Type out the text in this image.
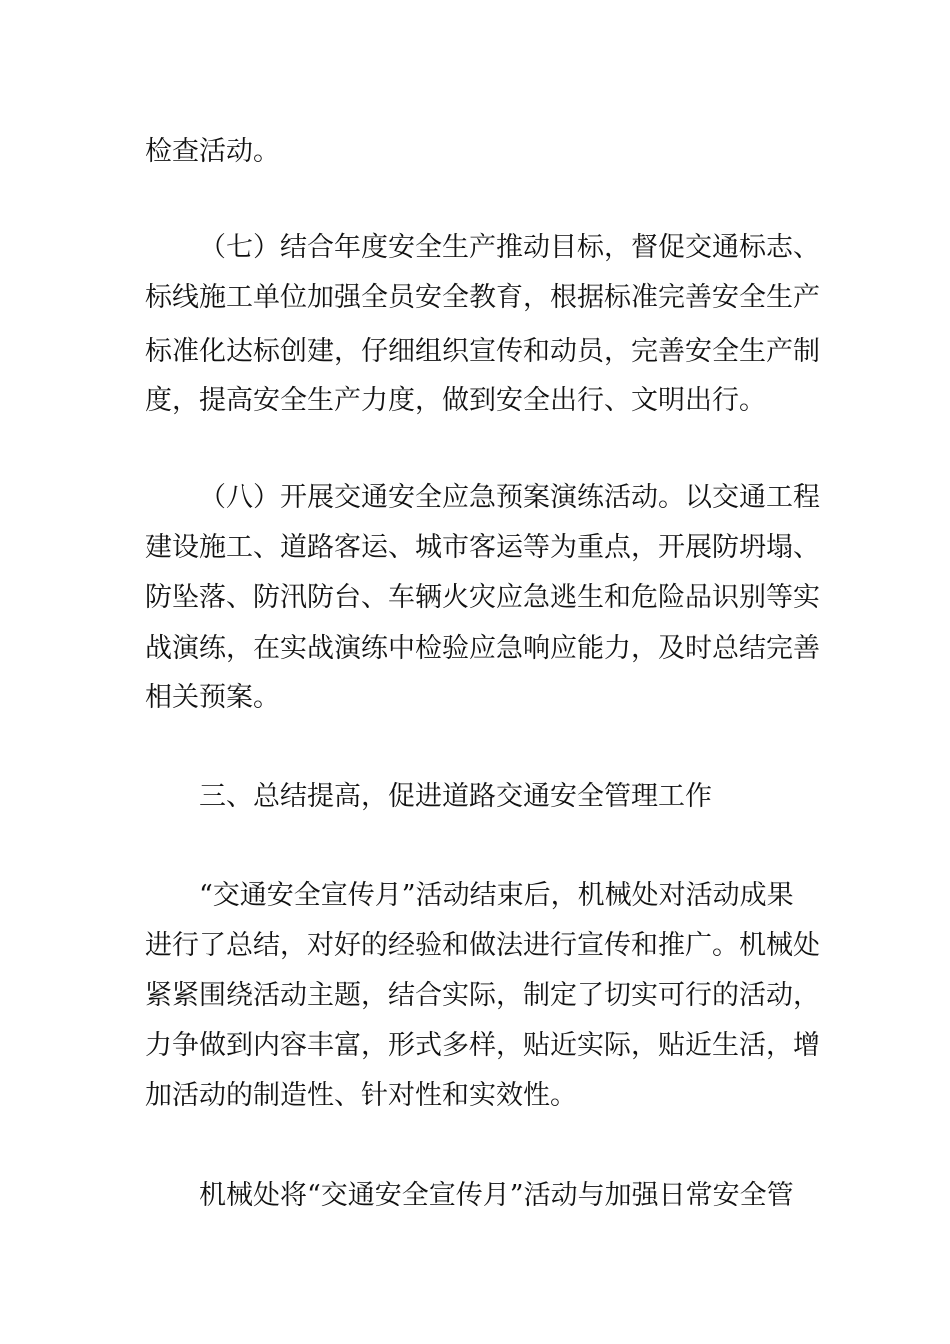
检查活动。
（七）结合年度安全生产推动目标，督促交通标志、
标线施工单位加强全员安全教育，根据标准完善安全生产
标准化达标创建，仔细组织宣传和动员，完善安全生产制
度，提高安全生产力度，做到安全出行、文明出行。
（八）开展交通安全应急预案演练活动。以交通工程
建设施工、道路客运、城市客运等为重点，开展防坍塌、
防坠落、防汛防台、车辆火灾应急逃生和危险品识别等实
战演练，在实战演练中检验应急响应能力，及时总结完善
相关预案。
三、总结提高，促进道路交通安全管理工作
“交通安全宣传月”活动结束后，机械处对活动成果
进行了总结，对好的经验和做法进行宣传和推广。机械处
紧紧围绕活动主题，结合实际，制定了切实可行的活动，
力争做到内容丰富，形式多样，贴近实际，贴近生活，增
加活动的制造性、针对性和实效性。
机械处将“交通安全宣传月”活动与加强日常安全管
